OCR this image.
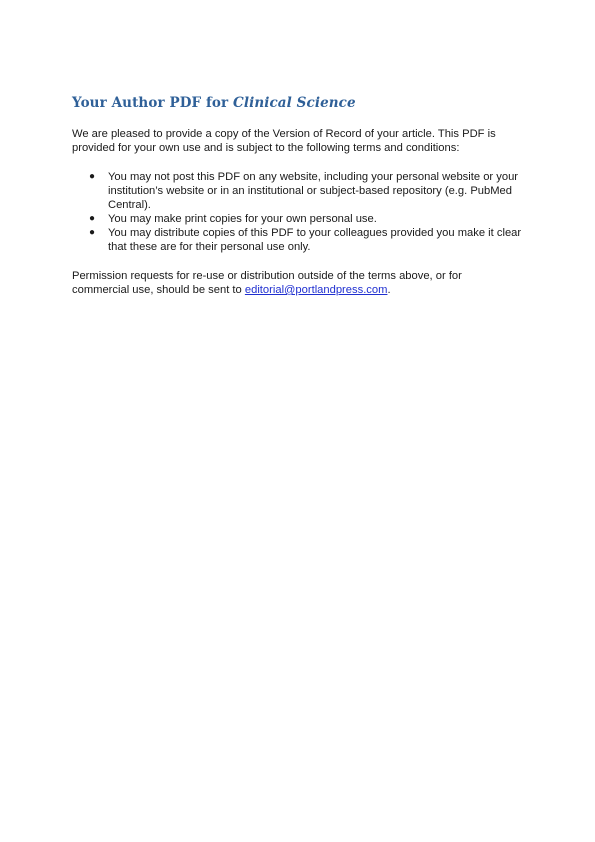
Your Author PDF for Clinical Science

We are pleased to provide a copy of the Version of Record of your article. This PDF is provided for your own use and is subject to the following terms and conditions:

● You may not post this PDF on any website, including your personal website or your institution’s website or in an institutional or subject-based repository (e.g. PubMed Central).
● You may make print copies for your own personal use.
● You may distribute copies of this PDF to your colleagues provided you make it clear that these are for their personal use only.

Permission requests for re-use or distribution outside of the terms above, or for commercial use, should be sent to editorial@portlandpress.com.
